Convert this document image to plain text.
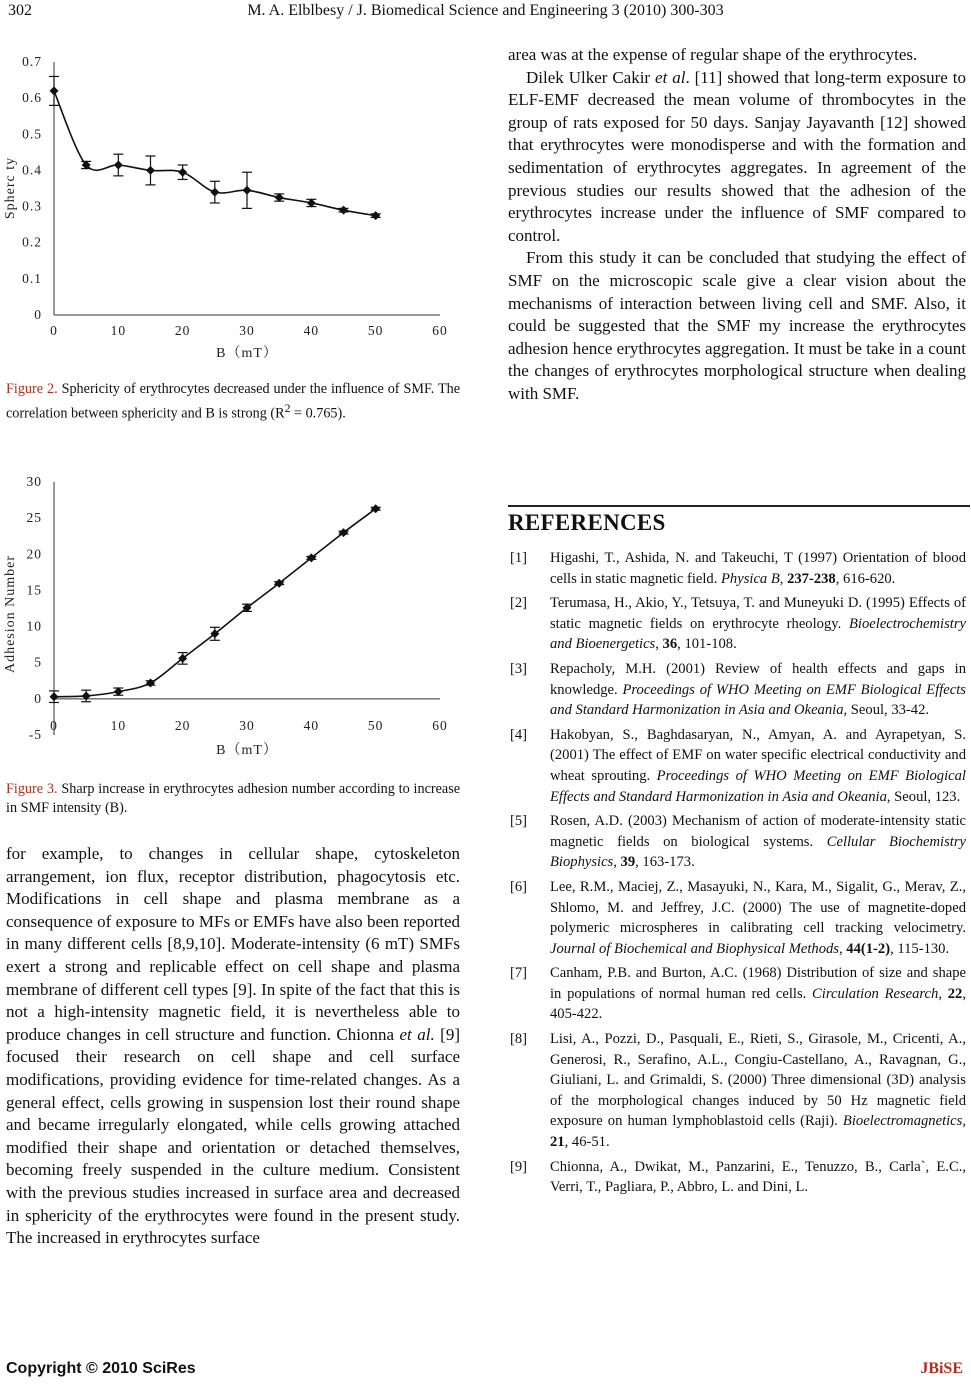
302	M. A. Elblbesy / J. Biomedical Science and Engineering 3 (2010) 300-303
0
0.1
0.2
0.3
0.4
0.5
0.6
0.7
0	10	20	30	40	50	60
B（mT）
Spherc ty
Figure 2. Sphericity of erythrocytes decreased under the influence of SMF. The correlation between sphericity and B is strong $(R^2 = 0.765)$.
-5
0
5
10
15
20
25
30
0	10	20	30	40	50	60
B（mT）
Adhesion Number
Figure 3. Sharp increase in erythrocytes adhesion number according to increase in SMF intensity (B).

for example, to changes in cellular shape, cytoskeleton arrangement, ion flux, receptor distribution, phagocytosis etc. Modifications in cell shape and plasma membrane as a consequence of exposure to MFs or EMFs have also been reported in many different cells [8,9,10]. Moderate-intensity (6 mT) SMFs exert a strong and replicable effect on cell shape and plasma membrane of different cell types [9]. In spite of the fact that this is not a high-intensity magnetic field, it is nevertheless able to produce changes in cell structure and function. Chionna et al. [9] focused their research on cell shape and cell surface modifications, providing evidence for time-related changes. As a general effect, cells growing in suspension lost their round shape and became irregularly elongated, while cells growing attached modified their shape and orientation or detached themselves, becoming freely suspended in the culture medium. Consistent with the previous studies increased in surface area and decreased in sphericity of the erythrocytes were found in the present study. The increased in erythrocytes surface

area was at the expense of regular shape of the erythrocytes.

Dilek Ulker Cakir et al. [11] showed that long-term exposure to ELF-EMF decreased the mean volume of thrombocytes in the group of rats exposed for 50 days. Sanjay Jayavanth [12] showed that erythrocytes were monodisperse and with the formation and sedimentation of erythrocytes aggregates. In agreement of the previous studies our results showed that the adhesion of the erythrocytes increase under the influence of SMF compared to control.

From this study it can be concluded that studying the effect of SMF on the microscopic scale give a clear vision about the mechanisms of interaction between living cell and SMF. Also, it could be suggested that the SMF my increase the erythrocytes adhesion hence erythrocytes aggregation. It must be take in a count the changes of erythrocytes morphological structure when dealing with SMF.

REFERENCES
[1] Higashi, T., Ashida, N. and Takeuchi, T (1997) Orientation of blood cells in static magnetic field. Physica B, 237-238, 616-620.
[2] Terumasa, H., Akio, Y., Tetsuya, T. and Muneyuki D. (1995) Effects of static magnetic fields on erythrocyte rheology. Bioelectrochemistry and Bioenergetics, 36, 101-108.
[3] Repacholy, M.H. (2001) Review of health effects and gaps in knowledge. Proceedings of WHO Meeting on EMF Biological Effects and Standard Harmonization in Asia and Okeania, Seoul, 33-42.
[4] Hakobyan, S., Baghdasaryan, N., Amyan, A. and Ayrapetyan, S. (2001) The effect of EMF on water specific electrical conductivity and wheat sprouting. Proceedings of WHO Meeting on EMF Biological Effects and Standard Harmonization in Asia and Okeania, Seoul, 123.
[5] Rosen, A.D. (2003) Mechanism of action of moderate-intensity static magnetic fields on biological systems. Cellular Biochemistry Biophysics, 39, 163-173.
[6] Lee, R.M., Maciej, Z., Masayuki, N., Kara, M., Sigalit, G., Merav, Z., Shlomo, M. and Jeffrey, J.C. (2000) The use of magnetite-doped polymeric microspheres in calibrating cell tracking velocimetry. Journal of Biochemical and Biophysical Methods, 44(1-2), 115-130.
[7] Canham, P.B. and Burton, A.C. (1968) Distribution of size and shape in populations of normal human red cells. Circulation Research, 22, 405-422.
[8] Lisi, A., Pozzi, D., Pasquali, E., Rieti, S., Girasole, M., Cricenti, A., Generosi, R., Serafino, A.L., Congiu-Castellano, A., Ravagnan, G., Giuliani, L. and Grimaldi, S. (2000) Three dimensional (3D) analysis of the morphological changes induced by 50 Hz magnetic field exposure on human lymphoblastoid cells (Raji). Bioelectromagnetics, 21, 46-51.
[9] Chionna, A., Dwikat, M., Panzarini, E., Tenuzzo, B., Carla`, E.C., Verri, T., Pagliara, P., Abbro, L. and Dini, L.
Copyright © 2010 SciRes	JBiSE
